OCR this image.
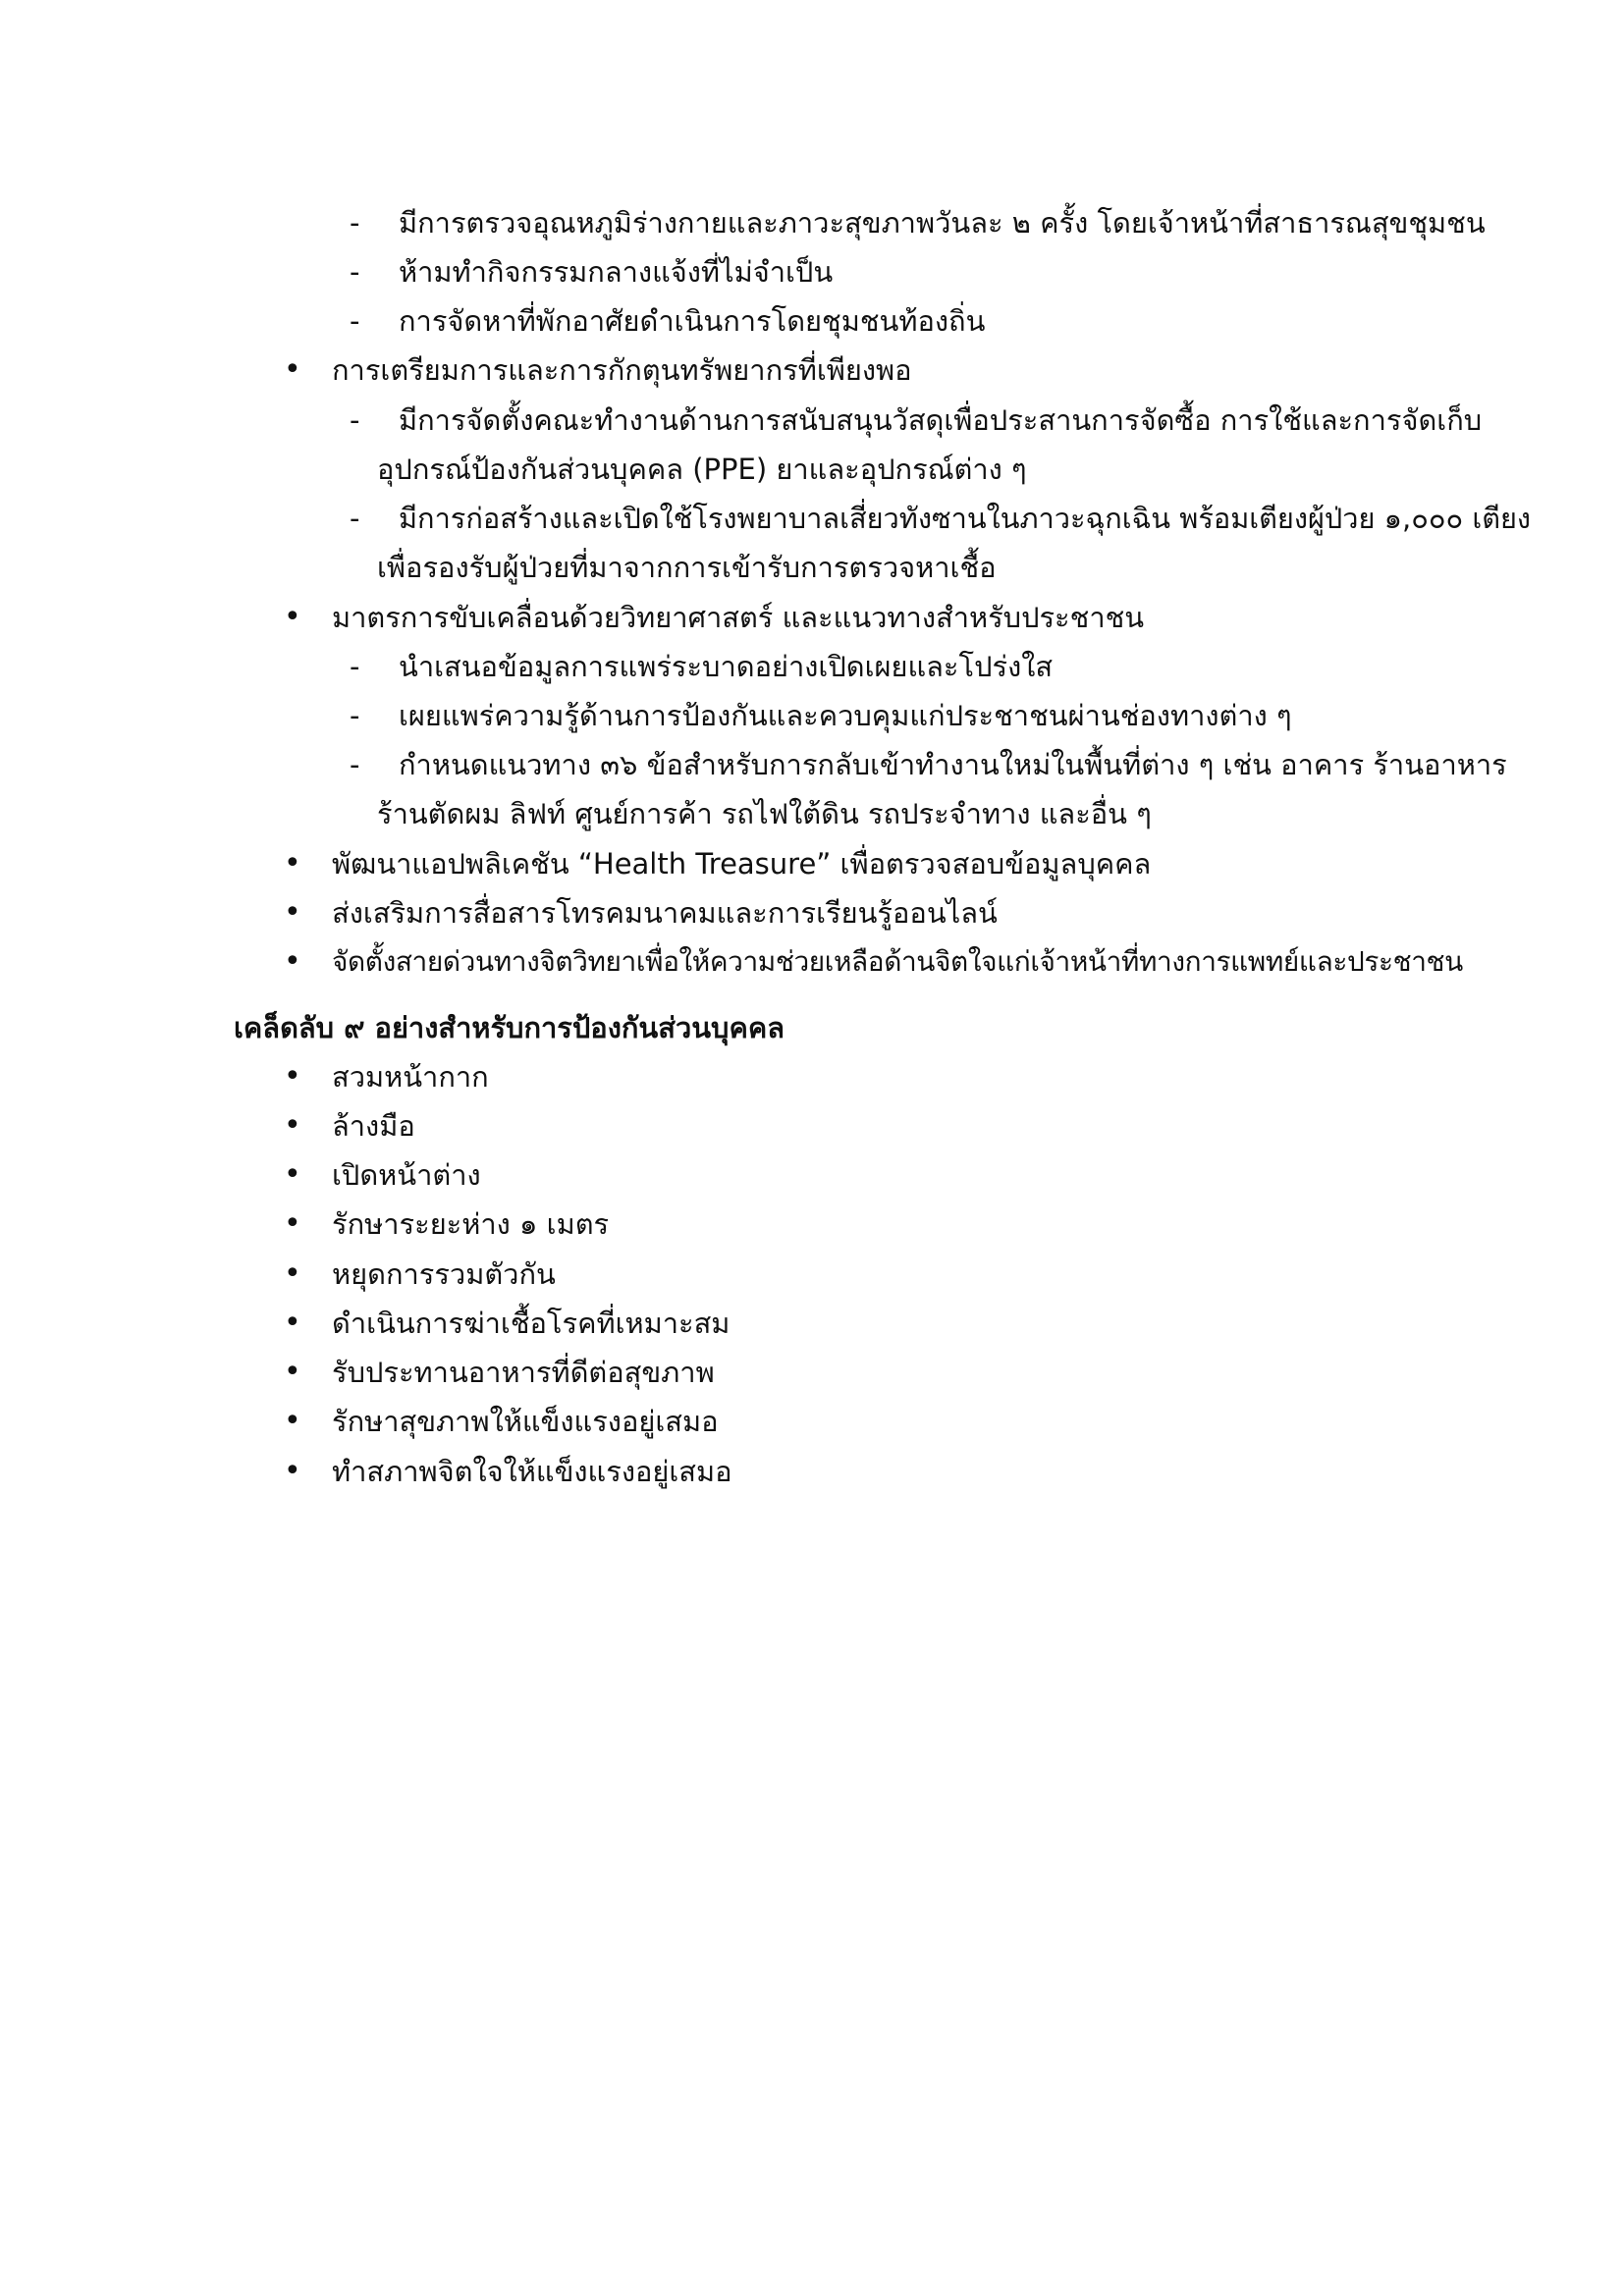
- มีการตรวจอุณหภูมิร่างกายและภาวะสุขภาพวันละ ๒ ครั้ง โดยเจ้าหน้าที่สาธารณสุขชุมชน
- ห้ามทำกิจกรรมกลางแจ้งที่ไม่จำเป็น
- การจัดหาที่พักอาศัยดำเนินการโดยชุมชนท้องถิ่น
• การเตรียมการและการกักตุนทรัพยากรที่เพียงพอ
- มีการจัดตั้งคณะทำงานด้านการสนับสนุนวัสดุเพื่อประสานการจัดซื้อ การใช้และการจัดเก็บ
อุปกรณ์ป้องกันส่วนบุคคล (PPE) ยาและอุปกรณ์ต่าง ๆ
- มีการก่อสร้างและเปิดใช้โรงพยาบาลเสี่ยวทังซานในภาวะฉุกเฉิน พร้อมเตียงผู้ป่วย ๑,๐๐๐ เตียง
เพื่อรองรับผู้ป่วยที่มาจากการเข้ารับการตรวจหาเชื้อ
• มาตรการขับเคลื่อนด้วยวิทยาศาสตร์ และแนวทางสำหรับประชาชน
- นำเสนอข้อมูลการแพร่ระบาดอย่างเปิดเผยและโปร่งใส
- เผยแพร่ความรู้ด้านการป้องกันและควบคุมแก่ประชาชนผ่านช่องทางต่าง ๆ
- กำหนดแนวทาง ๓๖ ข้อสำหรับการกลับเข้าทำงานใหม่ในพื้นที่ต่าง ๆ เช่น อาคาร ร้านอาหาร
ร้านตัดผม ลิฟท์ ศูนย์การค้า รถไฟใต้ดิน รถประจำทาง และอื่น ๆ
• พัฒนาแอปพลิเคชัน “Health Treasure” เพื่อตรวจสอบข้อมูลบุคคล
• ส่งเสริมการสื่อสารโทรคมนาคมและการเรียนรู้ออนไลน์
• จัดตั้งสายด่วนทางจิตวิทยาเพื่อให้ความช่วยเหลือด้านจิตใจแก่เจ้าหน้าที่ทางการแพทย์และประชาชน
เคล็ดลับ ๙ อย่างสำหรับการป้องกันส่วนบุคคล
• สวมหน้ากาก
• ล้างมือ
• เปิดหน้าต่าง
• รักษาระยะห่าง ๑ เมตร
• หยุดการรวมตัวกัน
• ดำเนินการฆ่าเชื้อโรคที่เหมาะสม
• รับประทานอาหารที่ดีต่อสุขภาพ
• รักษาสุขภาพให้แข็งแรงอยู่เสมอ
• ทำสภาพจิตใจให้แข็งแรงอยู่เสมอ
